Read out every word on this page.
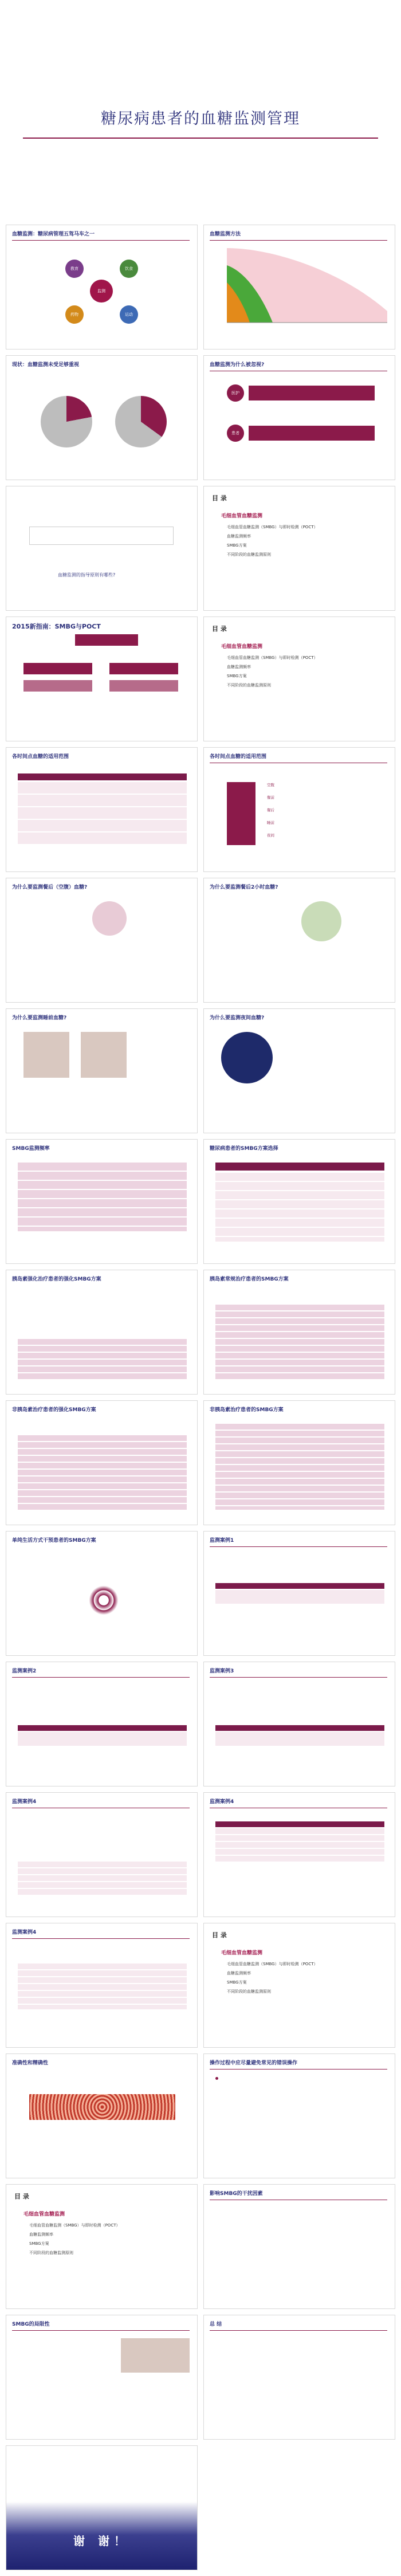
糖尿病患者的血糖监测管理
血糖监测：糖尿病管理五驾马车之一
监测
教育	饮食
药物	运动
血糖监测方法
现状：血糖监测未受足够重视	血糖监测为什么被忽视?
医护
患者
血糖监测的指导原则有哪些?
目 录
毛细血管血糖监测
毛细血管血糖监测（SMBG）与即时检测（POCT）
血糖监测频率
SMBG方案
不同阶段的血糖监测原则
2015新指南：SMBG与POCT	目 录
毛细血管血糖监测
毛细血管血糖监测（SMBG）与即时检测（POCT）
血糖监测频率
SMBG方案
不同阶段的血糖监测原则
各时间点血糖的适用范围	各时间点血糖的适用范围
空腹
餐前
餐后
睡前
夜间
为什么要监测餐后（空腹）血糖?	为什么要监测餐后2小时血糖?
为什么要监测睡前血糖?	为什么要监测夜间血糖?
SMBG监测频率	糖尿病患者的SMBG方案选择
胰岛素强化治疗患者的强化SMBG方案	胰岛素常规治疗患者的SMBG方案
非胰岛素治疗患者的强化SMBG方案	非胰岛素治疗患者的SMBG方案
单纯生活方式干预患者的SMBG方案	监测案例1
监测案例2	监测案例3
监测案例4	监测案例4
监测案例4	目 录
毛细血管血糖监测
毛细血管血糖监测（SMBG）与即时检测（POCT）
血糖监测频率
SMBG方案
不同阶段的血糖监测原则
准确性和精确性	操作过程中应尽量避免常见的错误操作
目 录
毛细血管血糖监测
毛细血管血糖监测（SMBG）与即时检测（POCT）
血糖监测频率
SMBG方案
不同阶段的血糖监测原则
影响SMBG的干扰因素
SMBG的局限性	总 结
谢 谢！
